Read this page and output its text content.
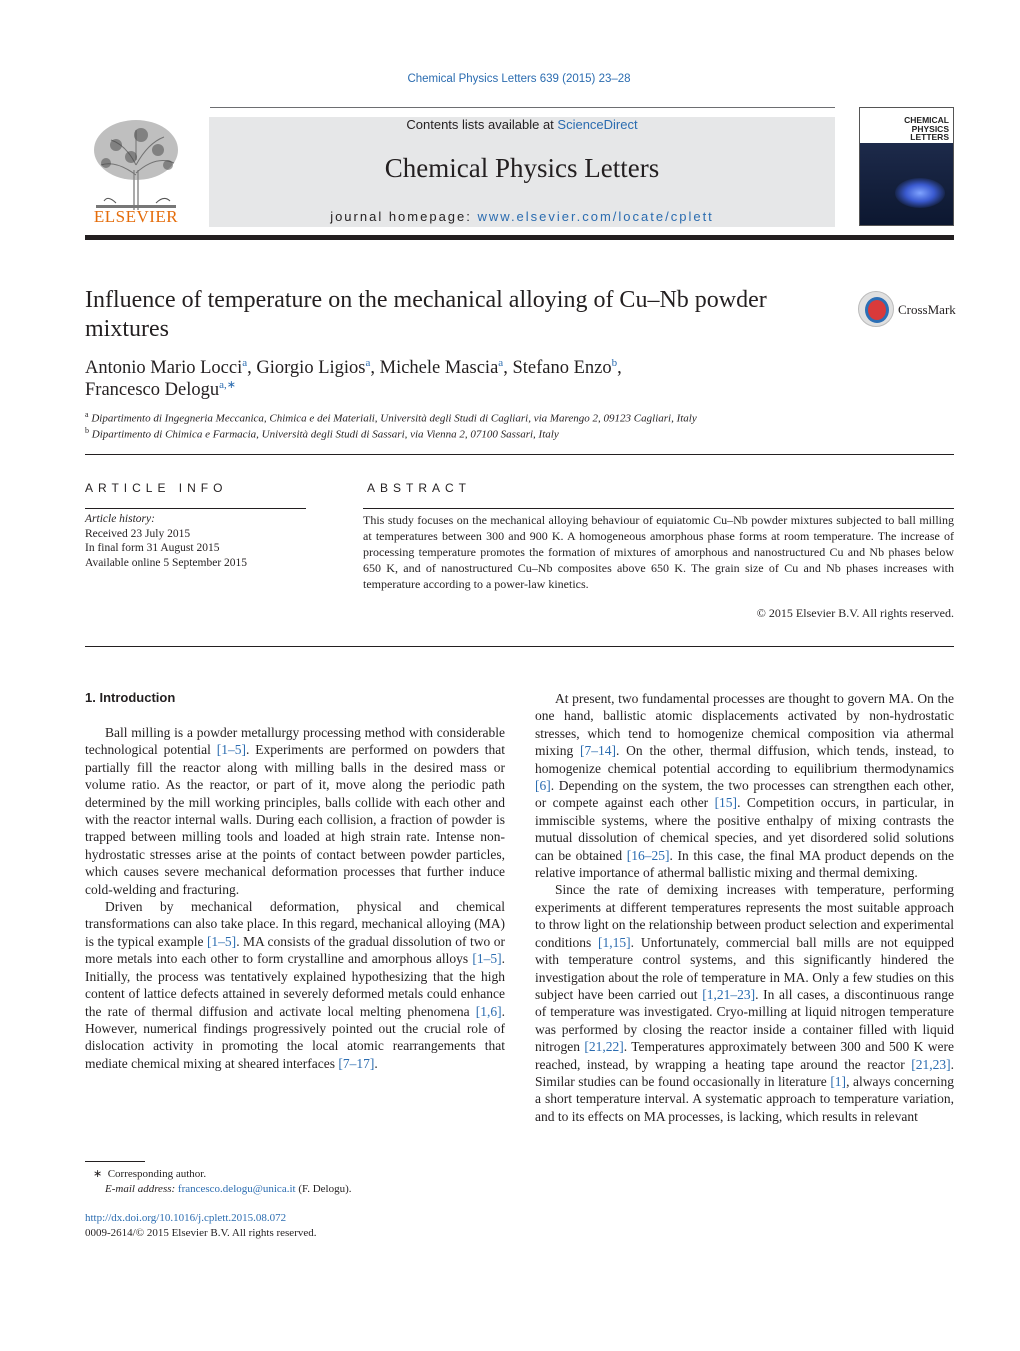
Chemical Physics Letters 639 (2015) 23–28
ELSEVIER
Contents lists available at ScienceDirect
Chemical Physics Letters
journal homepage: www.elsevier.com/locate/cplett
CHEMICAL PHYSICS LETTERS
Influence of temperature on the mechanical alloying of Cu–Nb powder mixtures
CrossMark
Antonio Mario Locci$^a$, Giorgio Ligios$^a$, Michele Mascia$^a$, Stefano Enzo$^b$,
Francesco Delogu$^{a,∗}$
$^a$ Dipartimento di Ingegneria Meccanica, Chimica e dei Materiali, Università degli Studi di Cagliari, via Marengo 2, 09123 Cagliari, Italy
$^b$ Dipartimento di Chimica e Farmacia, Università degli Studi di Sassari, via Vienna 2, 07100 Sassari, Italy
ARTICLE INFO	ABSTRACT
Article history:
Received 23 July 2015
In final form 31 August 2015
Available online 5 September 2015
This study focuses on the mechanical alloying behaviour of equiatomic Cu–Nb powder mixtures subjected to ball milling at temperatures between 300 and 900 K. A homogeneous amorphous phase forms at room temperature. The increase of processing temperature promotes the formation of mixtures of amorphous and nanostructured Cu and Nb phases below 650 K, and of nanostructured Cu–Nb composites above 650 K. The grain size of Cu and Nb phases increases with temperature according to a power-law kinetics.
© 2015 Elsevier B.V. All rights reserved.
1. Introduction

Ball milling is a powder metallurgy processing method with considerable technological potential [1–5]. Experiments are performed on powders that partially fill the reactor along with milling balls in the desired mass or volume ratio. As the reactor, or part of it, move along the periodic path determined by the mill working principles, balls collide with each other and with the reactor internal walls. During each collision, a fraction of powder is trapped between milling tools and loaded at high strain rate. Intense non-hydrostatic stresses arise at the points of contact between powder particles, which causes severe mechanical deformation processes that further induce cold-welding and fracturing.

Driven by mechanical deformation, physical and chemical transformations can also take place. In this regard, mechanical alloying (MA) is the typical example [1–5]. MA consists of the gradual dissolution of two or more metals into each other to form crystalline and amorphous alloys [1–5]. Initially, the process was tentatively explained hypothesizing that the high content of lattice defects attained in severely deformed metals could enhance the rate of thermal diffusion and activate local melting phenomena [1,6]. However, numerical findings progressively pointed out the crucial role of dislocation activity in promoting the local atomic rearrangements that mediate chemical mixing at sheared interfaces [7–17].

At present, two fundamental processes are thought to govern MA. On the one hand, ballistic atomic displacements activated by non-hydrostatic stresses, which tend to homogenize chemical composition via athermal mixing [7–14]. On the other, thermal diffusion, which tends, instead, to homogenize chemical potential according to equilibrium thermodynamics [6]. Depending on the system, the two processes can strengthen each other, or compete against each other [15]. Competition occurs, in particular, in immiscible systems, where the positive enthalpy of mixing contrasts the mutual dissolution of chemical species, and yet disordered solid solutions can be obtained [16–25]. In this case, the final MA product depends on the relative importance of athermal ballistic mixing and thermal demixing.

Since the rate of demixing increases with temperature, performing experiments at different temperatures represents the most suitable approach to throw light on the relationship between product selection and experimental conditions [1,15]. Unfortunately, commercial ball mills are not equipped with temperature control systems, and this significantly hindered the investigation about the role of temperature in MA. Only a few studies on this subject have been carried out [1,21–23]. In all cases, a discontinuous range of temperature was investigated. Cryo-milling at liquid nitrogen temperature was performed by closing the reactor inside a container filled with liquid nitrogen [21,22]. Temperatures approximately between 300 and 500 K were reached, instead, by wrapping a heating tape around the reactor [21,23]. Similar studies can be found occasionally in literature [1], always concerning a short temperature interval. A systematic approach to temperature variation, and to its effects on MA processes, is lacking, which results in relevant

∗ Corresponding author.
E-mail address: francesco.delogu@unica.it (F. Delogu).
http://dx.doi.org/10.1016/j.cplett.2015.08.072
0009-2614/© 2015 Elsevier B.V. All rights reserved.
